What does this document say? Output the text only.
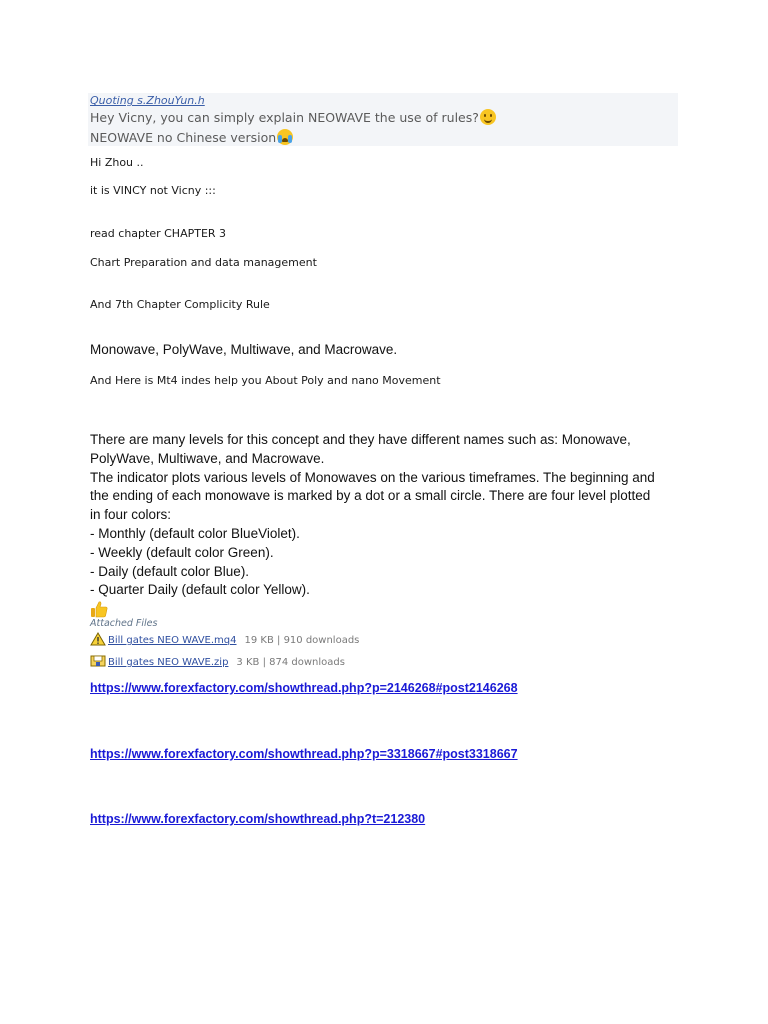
Quoting s.ZhouYun.h
Hey Vicny, you can simply explain NEOWAVE the use of rules?
NEOWAVE no Chinese version
Hi Zhou ..
it is VINCY not Vicny :::
read chapter CHAPTER 3
Chart Preparation and data management
And 7th Chapter Complicity Rule
Monowave, PolyWave, Multiwave, and Macrowave.
And Here is Mt4 indes help you About Poly and nano Movement
There are many levels for this concept and they have different names such as: Monowave,
PolyWave, Multiwave, and Macrowave.
The indicator plots various levels of Monowaves on the various timeframes. The beginning and
the ending of each monowave is marked by a dot or a small circle. There are four level plotted
in four colors:
- Monthly (default color BlueViolet).
- Weekly (default color Green).
- Daily (default color Blue).
- Quarter Daily (default color Yellow).
Attached Files
Bill gates NEO WAVE.mq4 19 KB | 910 downloads
Bill gates NEO WAVE.zip 3 KB | 874 downloads
https://www.forexfactory.com/showthread.php?p=2146268#post2146268
https://www.forexfactory.com/showthread.php?p=3318667#post3318667
https://www.forexfactory.com/showthread.php?t=212380
